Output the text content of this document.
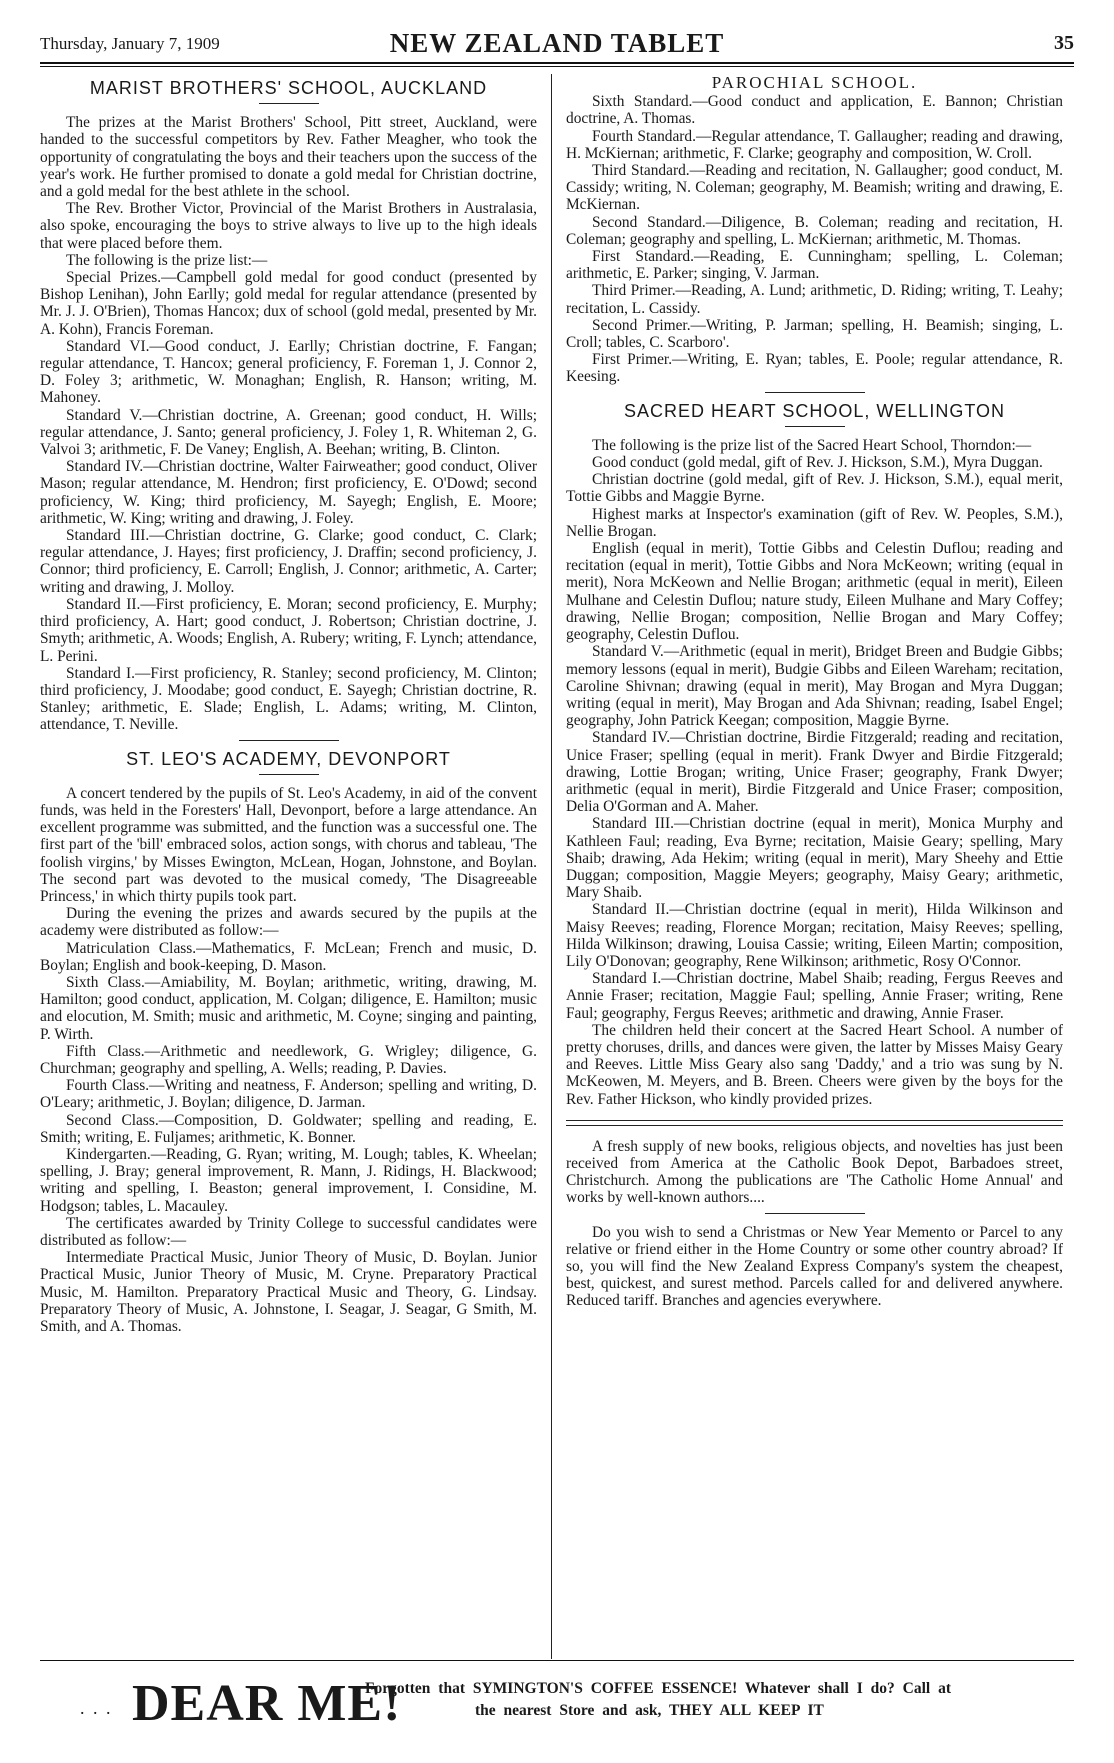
Thursday, January 7, 1909	NEW ZEALAND TABLET	35
MARIST BROTHERS' SCHOOL, AUCKLAND

The prizes at the Marist Brothers' School, Pitt street, Auckland, were handed to the successful competitors by Rev. Father Meagher, who took the opportunity of congratulating the boys and their teachers upon the success of the year's work. He further promised to donate a gold medal for Christian doctrine, and a gold medal for the best athlete in the school.

The Rev. Brother Victor, Provincial of the Marist Brothers in Australasia, also spoke, encouraging the boys to strive always to live up to the high ideals that were placed before them.

The following is the prize list:—

Special Prizes.—Campbell gold medal for good conduct (presented by Bishop Lenihan), John Earlly; gold medal for regular attendance (presented by Mr. J. J. O'Brien), Thomas Hancox; dux of school (gold medal, presented by Mr. A. Kohn), Francis Foreman.

Standard VI.—Good conduct, J. Earlly; Christian doctrine, F. Fangan; regular attendance, T. Hancox; general proficiency, F. Foreman 1, J. Connor 2, D. Foley 3; arithmetic, W. Monaghan; English, R. Hanson; writing, M. Mahoney.

Standard V.—Christian doctrine, A. Greenan; good conduct, H. Wills; regular attendance, J. Santo; general proficiency, J. Foley 1, R. Whiteman 2, G. Valvoi 3; arithmetic, F. De Vaney; English, A. Beehan; writing, B. Clinton.

Standard IV.—Christian doctrine, Walter Fairweather; good conduct, Oliver Mason; regular attendance, M. Hendron; first proficiency, E. O'Dowd; second proficiency, W. King; third proficiency, M. Sayegh; English, E. Moore; arithmetic, W. King; writing and drawing, J. Foley.

Standard III.—Christian doctrine, G. Clarke; good conduct, C. Clark; regular attendance, J. Hayes; first proficiency, J. Draffin; second proficiency, J. Connor; third proficiency, E. Carroll; English, J. Connor; arithmetic, A. Carter; writing and drawing, J. Molloy.

Standard II.—First proficiency, E. Moran; second proficiency, E. Murphy; third proficiency, A. Hart; good conduct, J. Robertson; Christian doctrine, J. Smyth; arithmetic, A. Woods; English, A. Rubery; writing, F. Lynch; attendance, L. Perini.

Standard I.—First proficiency, R. Stanley; second proficiency, M. Clinton; third proficiency, J. Moodabe; good conduct, E. Sayegh; Christian doctrine, R. Stanley; arithmetic, E. Slade; English, L. Adams; writing, M. Clinton, attendance, T. Neville.

ST. LEO'S ACADEMY, DEVONPORT

A concert tendered by the pupils of St. Leo's Academy, in aid of the convent funds, was held in the Foresters' Hall, Devonport, before a large attendance. An excellent programme was submitted, and the function was a successful one. The first part of the 'bill' embraced solos, action songs, with chorus and tableau, 'The foolish virgins,' by Misses Ewington, McLean, Hogan, Johnstone, and Boylan. The second part was devoted to the musical comedy, 'The Disagreeable Princess,' in which thirty pupils took part.

During the evening the prizes and awards secured by the pupils at the academy were distributed as follow:—

Matriculation Class.—Mathematics, F. McLean; French and music, D. Boylan; English and book-keeping, D. Mason.

Sixth Class.—Amiability, M. Boylan; arithmetic, writing, drawing, M. Hamilton; good conduct, application, M. Colgan; diligence, E. Hamilton; music and elocution, M. Smith; music and arithmetic, M. Coyne; singing and painting, P. Wirth.

Fifth Class.—Arithmetic and needlework, G. Wrigley; diligence, G. Churchman; geography and spelling, A. Wells; reading, P. Davies.

Fourth Class.—Writing and neatness, F. Anderson; spelling and writing, D. O'Leary; arithmetic, J. Boylan; diligence, D. Jarman.

Second Class.—Composition, D. Goldwater; spelling and reading, E. Smith; writing, E. Fuljames; arithmetic, K. Bonner.

Kindergarten.—Reading, G. Ryan; writing, M. Lough; tables, K. Wheelan; spelling, J. Bray; general improvement, R. Mann, J. Ridings, H. Blackwood; writing and spelling, I. Beaston; general improvement, I. Considine, M. Hodgson; tables, L. Macauley.

The certificates awarded by Trinity College to successful candidates were distributed as follow:—

Intermediate Practical Music, Junior Theory of Music, D. Boylan. Junior Practical Music, Junior Theory of Music, M. Cryne. Preparatory Practical Music, M. Hamilton. Preparatory Practical Music and Theory, G. Lindsay. Preparatory Theory of Music, A. Johnstone, I. Seagar, J. Seagar, G Smith, M. Smith, and A. Thomas.

PAROCHIAL SCHOOL.

Sixth Standard.—Good conduct and application, E. Bannon; Christian doctrine, A. Thomas.

Fourth Standard.—Regular attendance, T. Gallaugher; reading and drawing, H. McKiernan; arithmetic, F. Clarke; geography and composition, W. Croll.

Third Standard.—Reading and recitation, N. Gallaugher; good conduct, M. Cassidy; writing, N. Coleman; geography, M. Beamish; writing and drawing, E. McKiernan.

Second Standard.—Diligence, B. Coleman; reading and recitation, H. Coleman; geography and spelling, L. McKiernan; arithmetic, M. Thomas.

First Standard.—Reading, E. Cunningham; spelling, L. Coleman; arithmetic, E. Parker; singing, V. Jarman.

Third Primer.—Reading, A. Lund; arithmetic, D. Riding; writing, T. Leahy; recitation, L. Cassidy.

Second Primer.—Writing, P. Jarman; spelling, H. Beamish; singing, L. Croll; tables, C. Scarboro'.

First Primer.—Writing, E. Ryan; tables, E. Poole; regular attendance, R. Keesing.

SACRED HEART SCHOOL, WELLINGTON

The following is the prize list of the Sacred Heart School, Thorndon:—

Good conduct (gold medal, gift of Rev. J. Hickson, S.M.), Myra Duggan.

Christian doctrine (gold medal, gift of Rev. J. Hickson, S.M.), equal merit, Tottie Gibbs and Maggie Byrne.

Highest marks at Inspector's examination (gift of Rev. W. Peoples, S.M.), Nellie Brogan.

English (equal in merit), Tottie Gibbs and Celestin Duflou; reading and recitation (equal in merit), Tottie Gibbs and Nora McKeown; writing (equal in merit), Nora McKeown and Nellie Brogan; arithmetic (equal in merit), Eileen Mulhane and Celestin Duflou; nature study, Eileen Mulhane and Mary Coffey; drawing, Nellie Brogan; composition, Nellie Brogan and Mary Coffey; geography, Celestin Duflou.

Standard V.—Arithmetic (equal in merit), Bridget Breen and Budgie Gibbs; memory lessons (equal in merit), Budgie Gibbs and Eileen Wareham; recitation, Caroline Shivnan; drawing (equal in merit), May Brogan and Myra Duggan; writing (equal in merit), May Brogan and Ada Shivnan; reading, Isabel Engel; geography, John Patrick Keegan; composition, Maggie Byrne.

Standard IV.—Christian doctrine, Birdie Fitzgerald; reading and recitation, Unice Fraser; spelling (equal in merit). Frank Dwyer and Birdie Fitzgerald; drawing, Lottie Brogan; writing, Unice Fraser; geography, Frank Dwyer; arithmetic (equal in merit), Birdie Fitzgerald and Unice Fraser; composition, Delia O'Gorman and A. Maher.

Standard III.—Christian doctrine (equal in merit), Monica Murphy and Kathleen Faul; reading, Eva Byrne; recitation, Maisie Geary; spelling, Mary Shaib; drawing, Ada Hekim; writing (equal in merit), Mary Sheehy and Ettie Duggan; composition, Maggie Meyers; geography, Maisy Geary; arithmetic, Mary Shaib.

Standard II.—Christian doctrine (equal in merit), Hilda Wilkinson and Maisy Reeves; reading, Florence Morgan; recitation, Maisy Reeves; spelling, Hilda Wilkinson; drawing, Louisa Cassie; writing, Eileen Martin; composition, Lily O'Donovan; geography, Rene Wilkinson; arithmetic, Rosy O'Connor.

Standard I.—Christian doctrine, Mabel Shaib; reading, Fergus Reeves and Annie Fraser; recitation, Maggie Faul; spelling, Annie Fraser; writing, Rene Faul; geography, Fergus Reeves; arithmetic and drawing, Annie Fraser.

The children held their concert at the Sacred Heart School. A number of pretty choruses, drills, and dances were given, the latter by Misses Maisy Geary and Reeves. Little Miss Geary also sang 'Daddy,' and a trio was sung by N. McKeowen, M. Meyers, and B. Breen. Cheers were given by the boys for the Rev. Father Hickson, who kindly provided prizes.

A fresh supply of new books, religious objects, and novelties has just been received from America at the Catholic Book Depot, Barbadoes street, Christchurch. Among the publications are 'The Catholic Home Annual' and works by well-known authors....

Do you wish to send a Christmas or New Year Memento or Parcel to any relative or friend either in the Home Country or some other country abroad? If so, you will find the New Zealand Express Company's system the cheapest, best, quickest, and surest method. Parcels called for and delivered anywhere. Reduced tariff. Branches and agencies everywhere.

. . . DEAR ME!
Forgotten that SYMINGTON'S COFFEE ESSENCE! Whatever shall I do? Call at
the nearest Store and ask, THEY ALL KEEP IT
